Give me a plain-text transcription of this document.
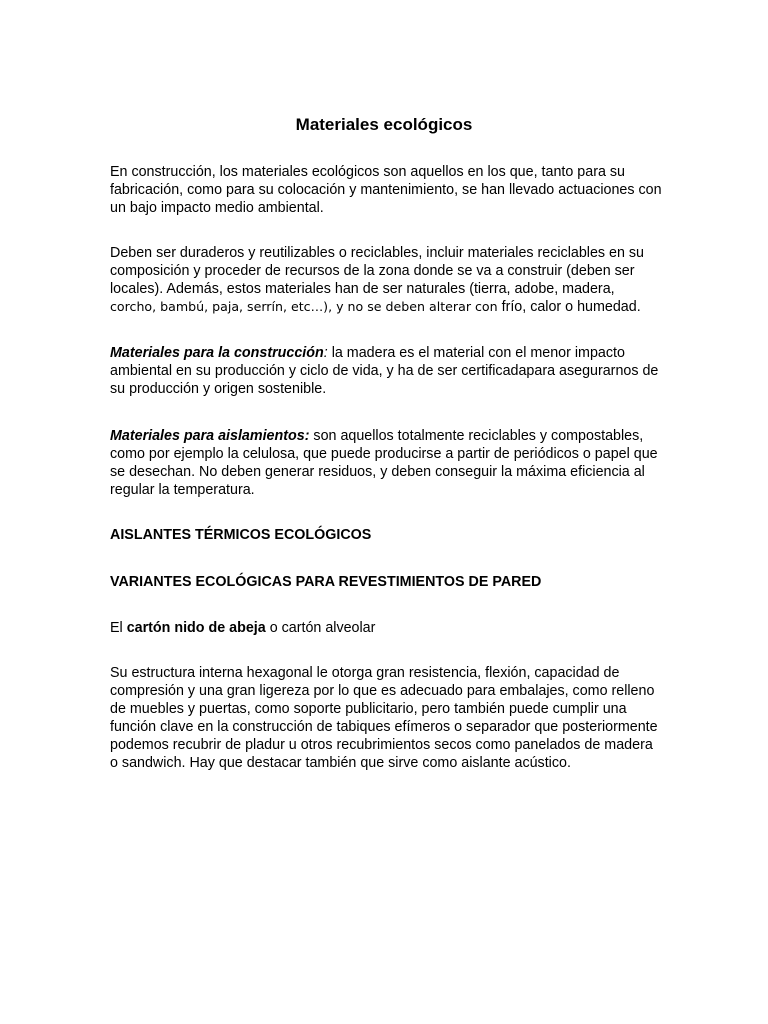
Materiales ecológicos
En construcción, los materiales ecológicos son aquellos en los que, tanto para su
fabricación, como para su colocación y mantenimiento, se han llevado actuaciones con
un bajo impacto medio ambiental.
Deben ser duraderos y reutilizables o reciclables, incluir materiales reciclables en su
composición y proceder de recursos de la zona donde se va a construir (deben ser
locales). Además, estos materiales han de ser naturales (tierra, adobe, madera,
corcho, bambú, paja, serrín, etc…), y no se deben alterar con frío, calor o humedad.
Materiales para la construcción: la madera es el material con el menor impacto
ambiental en su producción y ciclo de vida, y ha de ser certificadapara asegurarnos de
su producción y origen sostenible.
Materiales para aislamientos: son aquellos totalmente reciclables y compostables,
como por ejemplo la celulosa, que puede producirse a partir de periódicos o papel que
se desechan. No deben generar residuos, y deben conseguir la máxima eficiencia al
regular la temperatura.
AISLANTES TÉRMICOS ECOLÓGICOS
VARIANTES ECOLÓGICAS PARA REVESTIMIENTOS DE PARED
El cartón nido de abeja o cartón alveolar
Su estructura interna hexagonal le otorga gran resistencia, flexión, capacidad de
compresión y una gran ligereza por lo que es adecuado para embalajes, como relleno
de muebles y puertas, como soporte publicitario, pero también puede cumplir una
función clave en la construcción de tabiques efímeros o separador que posteriormente
podemos recubrir de pladur u otros recubrimientos secos como panelados de madera
o sandwich. Hay que destacar también que sirve como aislante acústico.
